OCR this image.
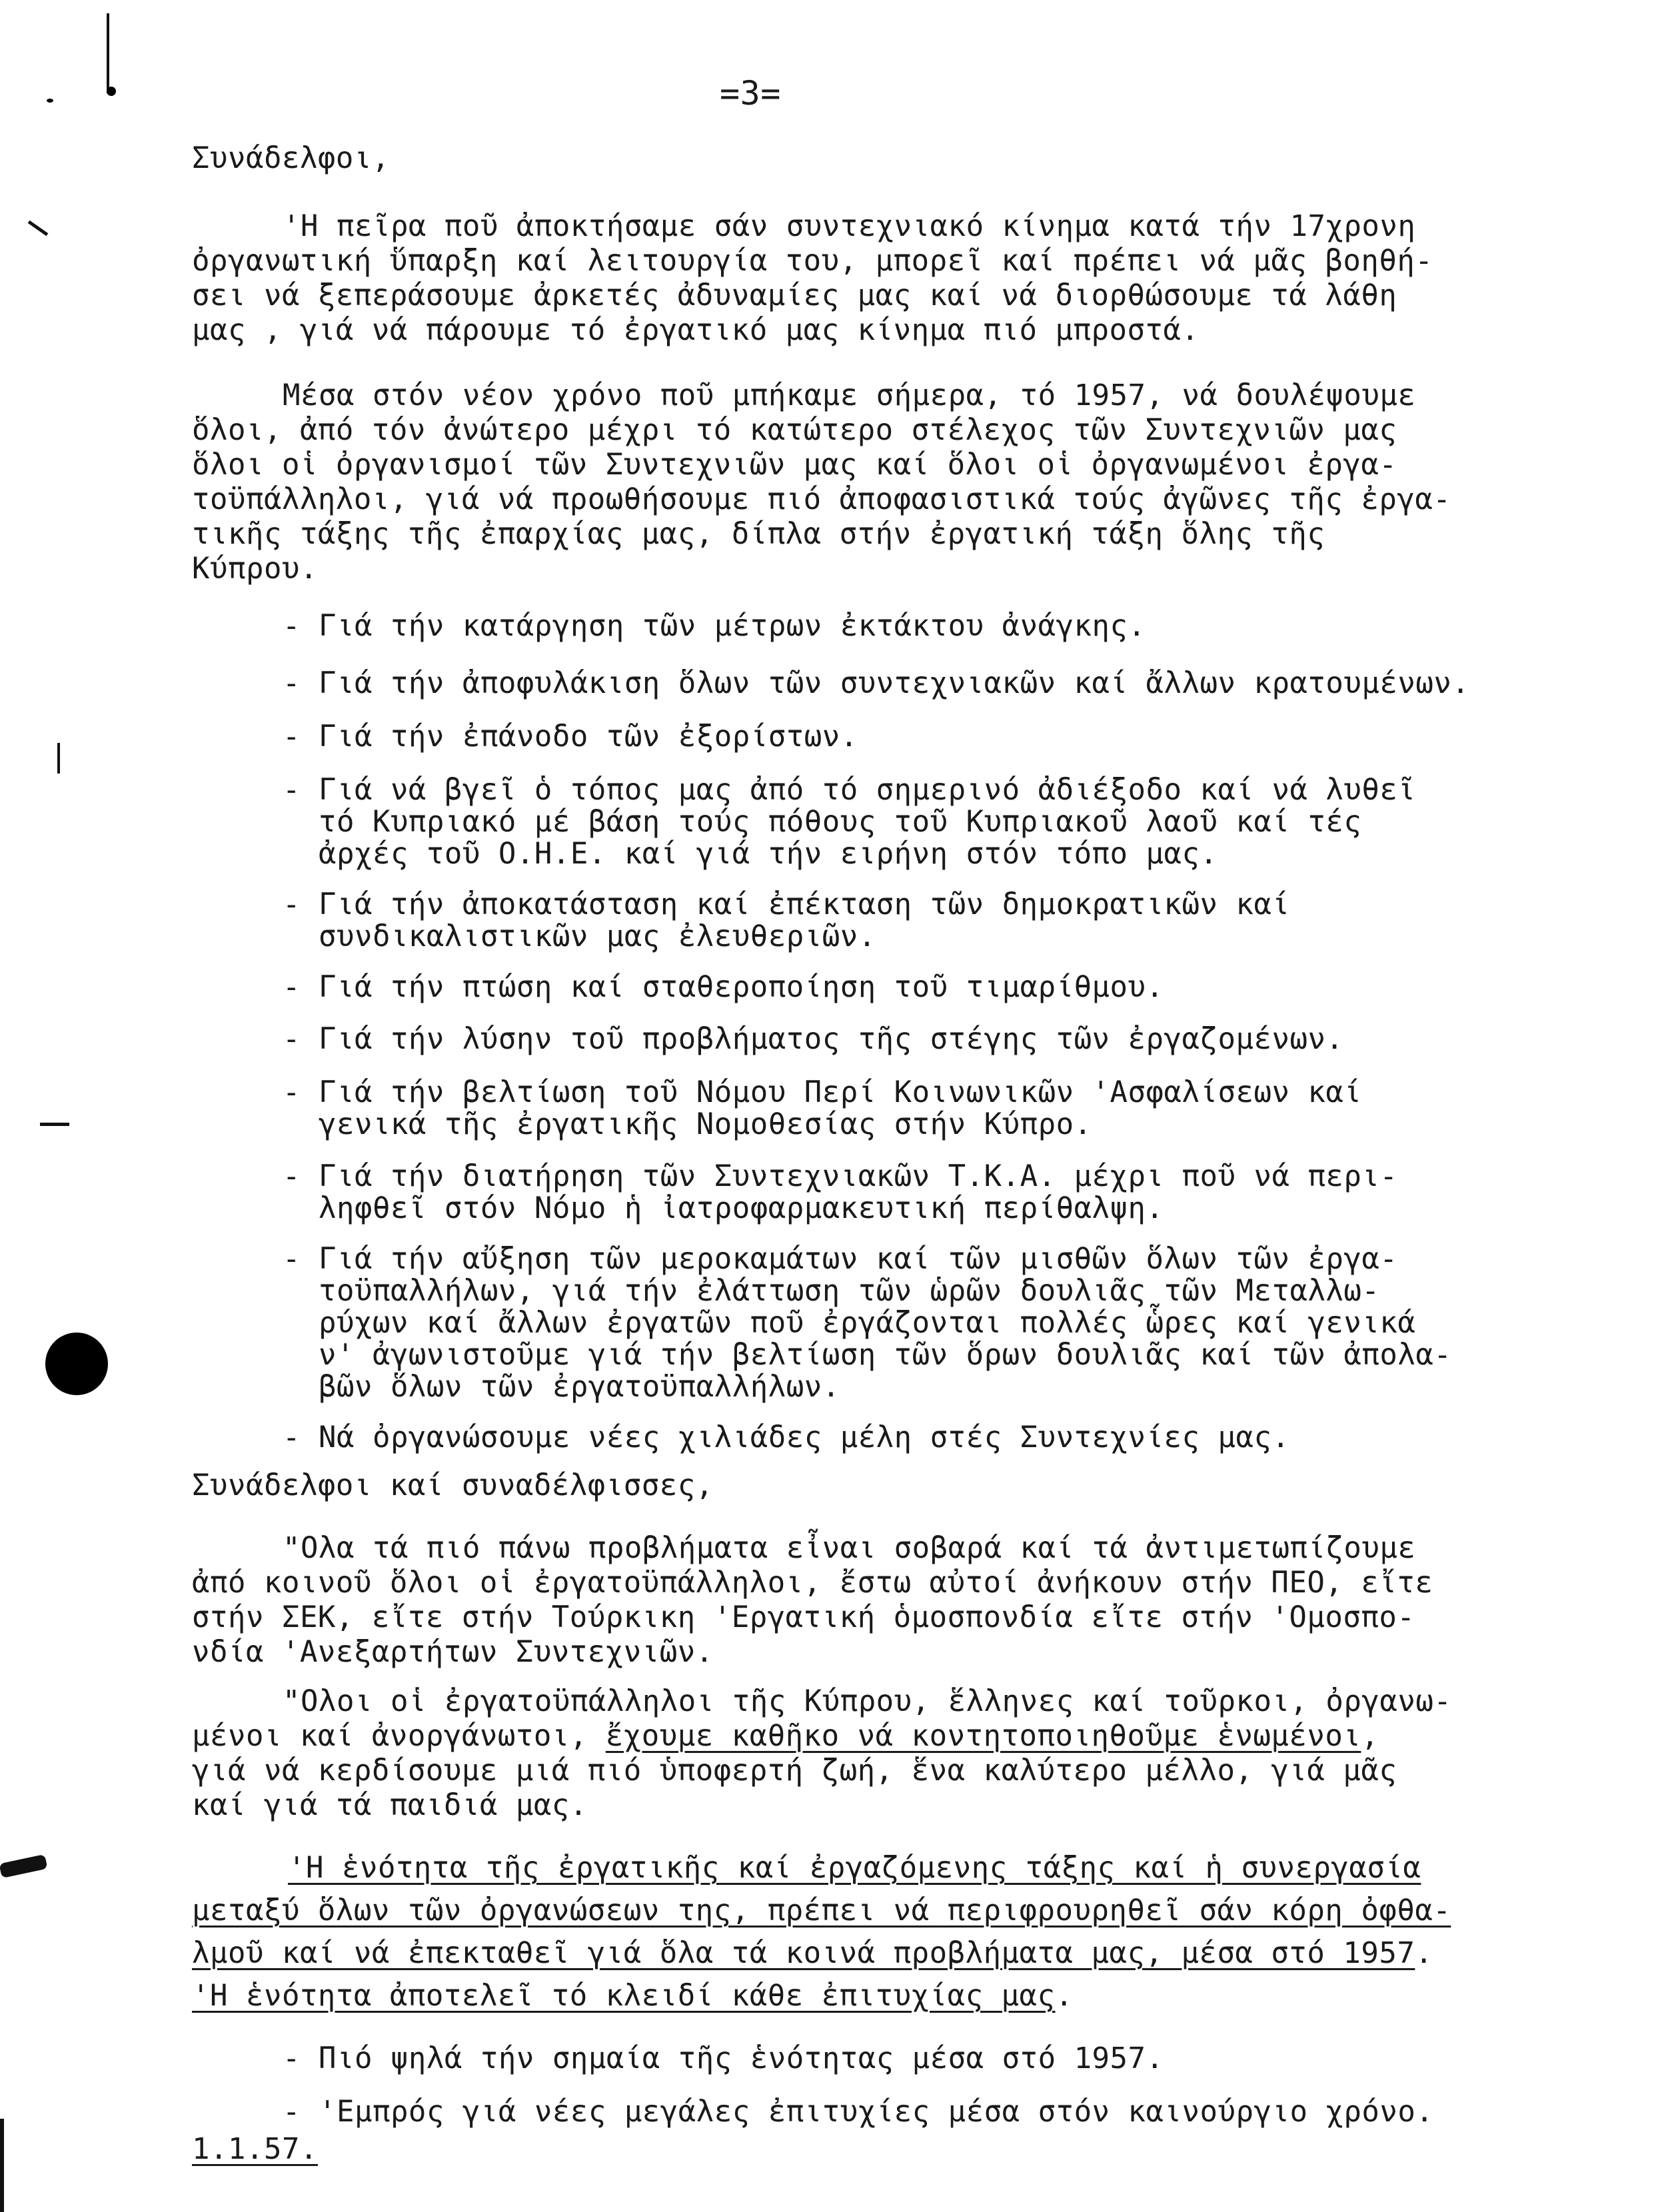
=3=
Συνάδελφοι,
'Η πεῖρα ποῦ ἀποκτήσαμε σάν συντεχνιακό κίνημα κατά τήν 17χρονη
ὀργανωτική ὕπαρξη καί λειτουργία του, μπορεῖ καί πρέπει νά μᾶς βοηθή-
σει νά ξεπεράσουμε ἀρκετές ἀδυναμίες μας καί νά διορθώσουμε τά λάθη
μας , γιά νά πάρουμε τό ἐργατικό μας κίνημα πιό μπροστά.
Μέσα στόν νέον χρόνο ποῦ μπήκαμε σήμερα, τό 1957, νά δουλέψουμε
ὅλοι, ἀπό τόν ἀνώτερο μέχρι τό κατώτερο στέλεχος τῶν Συντεχνιῶν μας
ὅλοι οἱ ὀργανισμοί τῶν Συντεχνιῶν μας καί ὅλοι οἱ ὀργανωμένοι ἐργα-
τοϋπάλληλοι, γιά νά προωθήσουμε πιό ἀποφασιστικά τούς ἀγῶνες τῆς ἐργα-
τικῆς τάξης τῆς ἐπαρχίας μας, δίπλα στήν ἐργατική τάξη ὅλης τῆς
Κύπρου.
- Γιά τήν κατάργηση τῶν μέτρων ἐκτάκτου ἀνάγκης.
- Γιά τήν ἀποφυλάκιση ὅλων τῶν συντεχνιακῶν καί ἄλλων κρατουμένων.
- Γιά τήν ἐπάνοδο τῶν ἐξορίστων.
- Γιά νά βγεῖ ὁ τόπος μας ἀπό τό σημερινό ἀδιέξοδο καί νά λυθεῖ
τό Κυπριακό μέ βάση τούς πόθους τοῦ Κυπριακοῦ λαοῦ καί τές
ἀρχές τοῦ Ο.Η.Ε. καί γιά τήν ειρήνη στόν τόπο μας.
- Γιά τήν ἀποκατάσταση καί ἐπέκταση τῶν δημοκρατικῶν καί
συνδικαλιστικῶν μας ἐλευθεριῶν.
- Γιά τήν πτώση καί σταθεροποίηση τοῦ τιμαρίθμου.
- Γιά τήν λύσην τοῦ προβλήματος τῆς στέγης τῶν ἐργαζομένων.
- Γιά τήν βελτίωση τοῦ Νόμου Περί Κοινωνικῶν 'Ασφαλίσεων καί
γενικά τῆς ἐργατικῆς Νομοθεσίας στήν Κύπρο.
- Γιά τήν διατήρηση τῶν Συντεχνιακῶν Τ.Κ.Α. μέχρι ποῦ νά περι-
ληφθεῖ στόν Νόμο ἡ ἰατροφαρμακευτική περίθαλψη.
- Γιά τήν αὔξηση τῶν μεροκαμάτων καί τῶν μισθῶν ὅλων τῶν ἐργα-
τοϋπαλλήλων, γιά τήν ἐλάττωση τῶν ὡρῶν δουλιᾶς τῶν Μεταλλω-
ρύχων καί ἄλλων ἐργατῶν ποῦ ἐργάζονται πολλές ὧρες καί γενικά
ν' ἀγωνιστοῦμε γιά τήν βελτίωση τῶν ὅρων δουλιᾶς καί τῶν ἀπολα-
βῶν ὅλων τῶν ἐργατοϋπαλλήλων.
- Νά ὀργανώσουμε νέες χιλιάδες μέλη στές Συντεχνίες μας.
Συνάδελφοι καί συναδέλφισσες,
"Ολα τά πιό πάνω προβλήματα εἶναι σοβαρά καί τά ἀντιμετωπίζουμε
ἀπό κοινοῦ ὅλοι οἱ ἐργατοϋπάλληλοι, ἔστω αὐτοί ἀνήκουν στήν ΠΕΟ, εἴτε
στήν ΣΕΚ, εἴτε στήν Τούρκικη 'Εργατική ὁμοσπονδία εἴτε στήν 'Ομοσπο-
νδία 'Ανεξαρτήτων Συντεχνιῶν.
"Ολοι οἱ ἐργατοϋπάλληλοι τῆς Κύπρου, ἕλληνες καί τοῦρκοι, ὀργανω-
μένοι καί ἀνοργάνωτοι, ἔχουμε καθῆκο νά κοντητοποιηθοῦμε ἑνωμένοι,
γιά νά κερδίσουμε μιά πιό ὑποφερτή ζωή, ἕνα καλύτερο μέλλο, γιά μᾶς
καί γιά τά παιδιά μας.
'Η ἑνότητα τῆς ἐργατικῆς καί ἐργαζόμενης τάξης καί ἡ συνεργασία
μεταξύ ὅλων τῶν ὀργανώσεων της, πρέπει νά περιφρουρηθεῖ σάν κόρη ὀφθα-
λμοῦ καί νά ἐπεκταθεῖ γιά ὅλα τά κοινά προβλήματα μας, μέσα στό 1957.
'Η ἑνότητα ἀποτελεῖ τό κλειδί κάθε ἐπιτυχίας μας.
- Πιό ψηλά τήν σημαία τῆς ἑνότητας μέσα στό 1957.
- 'Εμπρός γιά νέες μεγάλες ἐπιτυχίες μέσα στόν καινούργιο χρόνο.
1.1.57.
